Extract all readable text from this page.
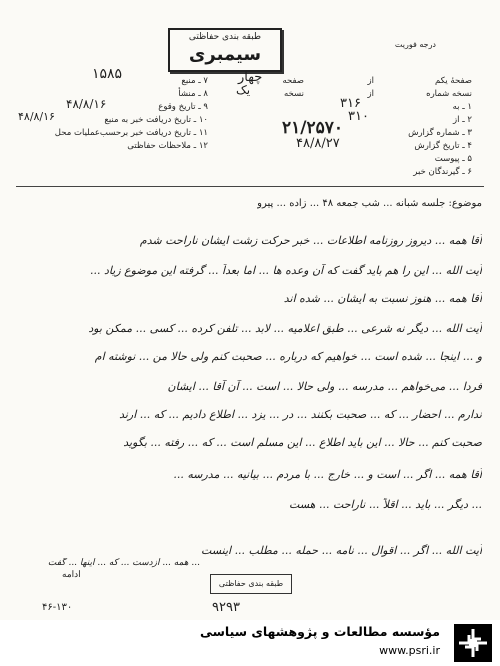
طبقه بندی حفاظتی
سیمبری	درجه فوریت
صفحهٔ یکم
از
صفحه
چهار
نسخه شماره
از
نسخه
یک
۱ ـ به
۳۱۶
۲ ـ از
۳۱۰
۳ ـ شماره گزارش
۲۱/۲۵۷۰
۴ ـ تاریخ گزارش
۴۸/۸/۲۷
۵ ـ پیوست
۶ ـ گیرندگان خبر
۷ ـ منبع
۱۵۸۵
۸ ـ منشأ
۹ ـ تاریخ وقوع
۴۸/۸/۱۶
۱۰ ـ تاریخ دریافت خبر به منبع
۴۸/۸/۱۶
۱۱ ـ تاریخ دریافت خبر برحسب‌عملیات محل
۱۲ ـ ملاحظات حفاظتی
موضوع: جلسه شبانه ... شب جمعه ۴۸ ... زاده ... پیرو
آقا همه ... دیروز روزنامه اطلاعات ... خبر حرکت زشت ایشان ناراحت شدم
آیت الله ... این را هم باید گفت که آن وعده ها ... اما بعداً ... گرفته این موضوع زیاد ...
آقا همه ... هنوز نسبت به ایشان ... شده اند
آیت الله ... دیگر نه شرعی ... طبق اعلامیه ... لابد ... تلفن کرده ... کسی ... ممکن بود
و ... اینجا ... شده است ... خواهیم که درباره ... صحبت کنم ولی حالا من ... نوشته ام
فردا ... می‌خواهم ... مدرسه ... ولی حالا ... است ... آن آقا ... ایشان
ندارم ... احضار ... که ... صحبت بکنند ... در ... یزد ... اطلاع دادیم ... که ... ارند
صحبت کنم ... حالا ... این باید اطلاع ... این مسلم است ... که ... رفته ... بگوید
آقا همه ... اگر ... است و ... خارج ... با مردم ... بیانیه ... مدرسه ...
... دیگر ... باید ... اقلاً ... ناراحت ... هست
آیت الله ... اگر ... اقوال ... نامه ... حمله ... مطلب ... اینست
... همه ... ازدست ... که ... اینها ... گفت
ادامه
طبقه بندی حفاظتی
۹۲۹۳
۴۶-۱۳۰
مؤسسه مطالعات و پژوهشهای سیاسی
www.psri.ir
